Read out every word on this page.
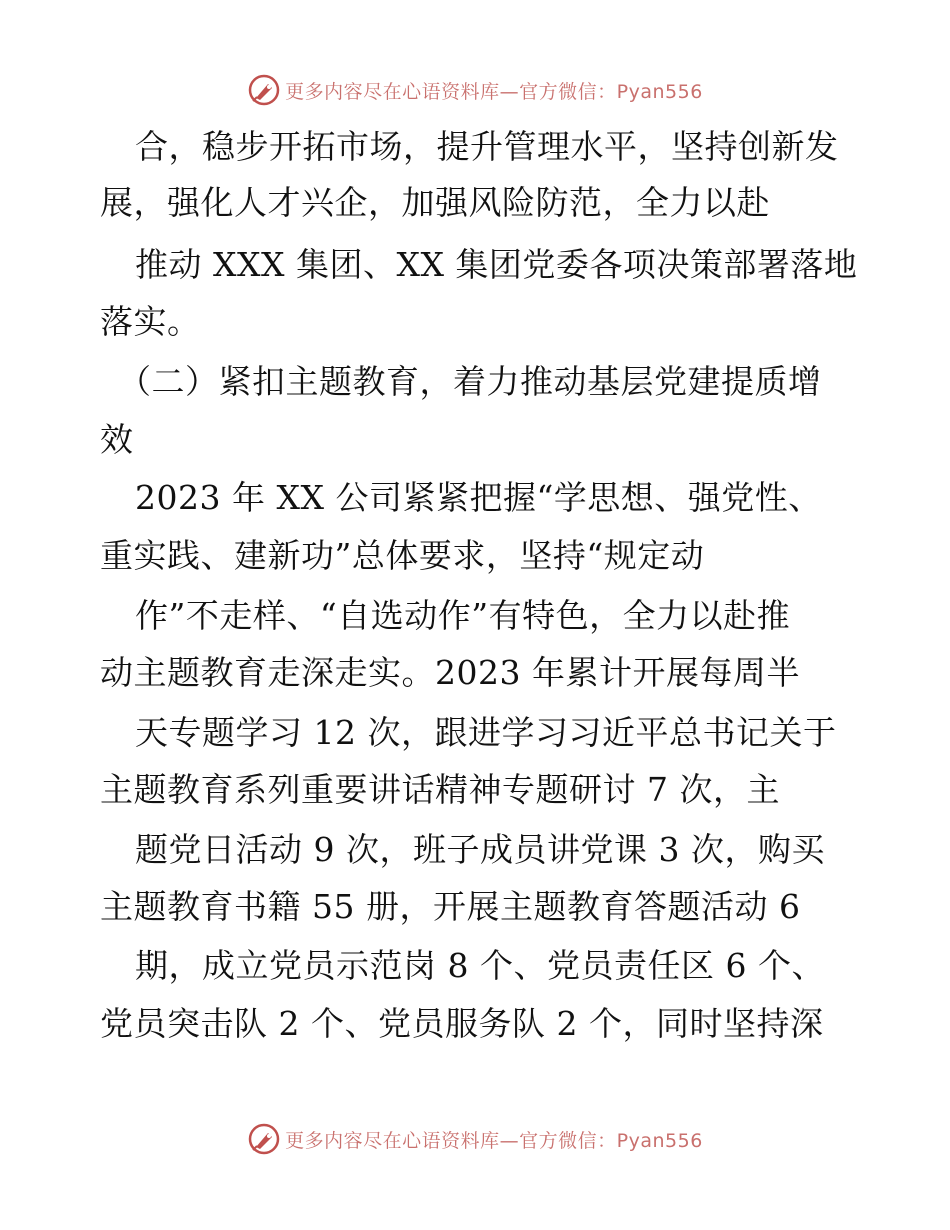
更多内容尽在心语资料库—官方微信：Pyan556
合，稳步开拓市场，提升管理水平，坚持创新发
展，强化人才兴企，加强风险防范，全力以赴
推动 XXX 集团、XX 集团党委各项决策部署落地
落实。
（二）紧扣主题教育，着力推动基层党建提质增
效
2023 年 XX 公司紧紧把握“学思想、强党性、
重实践、建新功”总体要求，坚持“规定动
作”不走样、“自选动作”有特色，全力以赴推
动主题教育走深走实。2023 年累计开展每周半
天专题学习 12 次，跟进学习习近平总书记关于
主题教育系列重要讲话精神专题研讨 7 次，主
题党日活动 9 次，班子成员讲党课 3 次，购买
主题教育书籍 55 册，开展主题教育答题活动 6
期，成立党员示范岗 8 个、党员责任区 6 个、
党员突击队 2 个、党员服务队 2 个，同时坚持深
更多内容尽在心语资料库—官方微信：Pyan556
